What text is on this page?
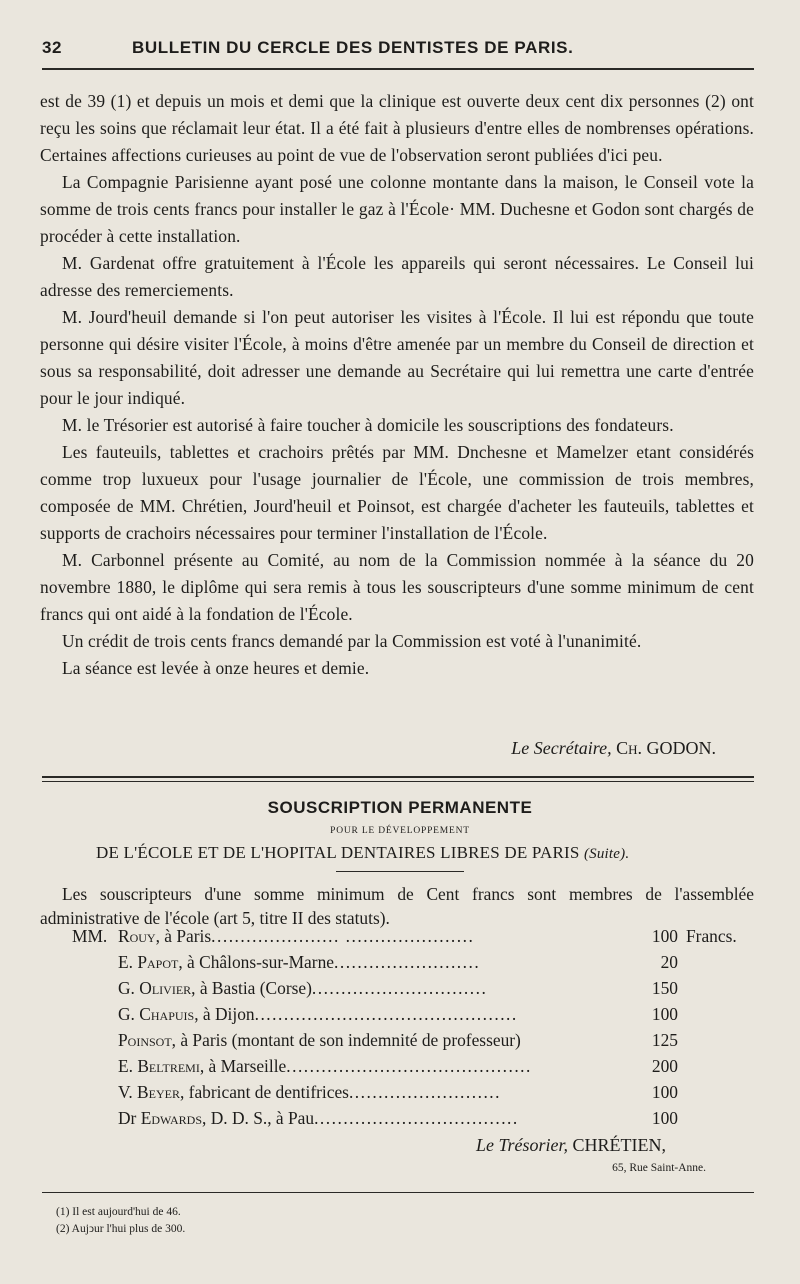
32	BULLETIN DU CERCLE DES DENTISTES DE PARIS.

est de 39 (1) et depuis un mois et demi que la clinique est ouverte deux cent dix personnes (2) ont reçu les soins que réclamait leur état. Il a été fait à plusieurs d'entre elles de nombrenses opérations. Certaines affections curieuses au point de vue de l'observation seront publiées d'ici peu.

La Compagnie Parisienne ayant posé une colonne montante dans la maison, le Conseil vote la somme de trois cents francs pour installer le gaz à l'École· MM. Duchesne et Godon sont chargés de procéder à cette installation.

M. Gardenat offre gratuitement à l'École les appareils qui seront nécessaires. Le Conseil lui adresse des remerciements.

M. Jourd'heuil demande si l'on peut autoriser les visites à l'École. Il lui est répondu que toute personne qui désire visiter l'École, à moins d'être amenée par un membre du Conseil de direction et sous sa responsabilité, doit adresser une demande au Secrétaire qui lui remettra une carte d'entrée pour le jour indiqué.

M. le Trésorier est autorisé à faire toucher à domicile les souscriptions des fondateurs.

Les fauteuils, tablettes et crachoirs prêtés par MM. Dnchesne et Mamelzer etant considérés comme trop luxueux pour l'usage journalier de l'École, une commission de trois membres, composée de MM. Chrétien, Jourd'heuil et Poinsot, est chargée d'acheter les fauteuils, tablettes et supports de crachoirs nécessaires pour terminer l'installation de l'École.

M. Carbonnel présente au Comité, au nom de la Commission nommée à la séance du 20 novembre 1880, le diplôme qui sera remis à tous les souscripteurs d'une somme minimum de cent francs qui ont aidé à la fondation de l'École.

Un crédit de trois cents francs demandé par la Commission est voté à l'unanimité.

La séance est levée à onze heures et demie.

Le Secrétaire, Ch. GODON.
SOUSCRIPTION PERMANENTE
POUR LE DÉVELOPPEMENT
DE L'ÉCOLE ET DE L'HOPITAL DENTAIRES LIBRES DE PARIS (Suite).

Les souscripteurs d'une somme minimum de Cent francs sont membres de l'assemblée administrative de l'école (art 5, titre II des statuts).

MM. Rouy, à Paris...................... ......................	100 Francs.
E. Papot, à Châlons-sur-Marne.........................	20
G. Olivier, à Bastia (Corse)..............................	150
G. Chapuis, à Dijon.............................................	100
Poinsot, à Paris (montant de son indemnité de professeur)	125
E. Beltremi, à Marseille..........................................	200
V. Beyer, fabricant de dentifrices..........................	100
Dr Edwards, D. D. S., à Pau...................................	100
Le Trésorier, CHRÉTIEN,
65, Rue Saint-Anne.
(1) Il est aujourd'hui de 46.
(2) Aujↄur l'hui plus de 300.
